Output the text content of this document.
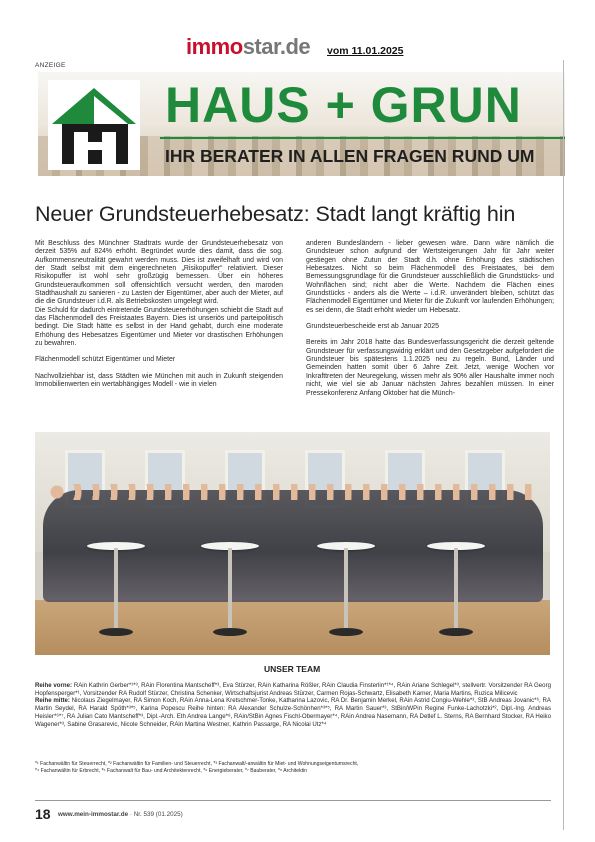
immostar.de vom 11.01.2025
ANZEIGE
HAUS + GRUN
IHR BERATER IN ALLEN FRAGEN RUND UM
Neuer Grundsteuerhebesatz: Stadt langt kräftig hin

Mit Beschluss des Münchner Stadtrats wurde der Grundsteuerhebesatz von derzeit 535% auf 824% erhöht. Begründet wurde dies damit, dass die sog. Aufkommensneutralität gewahrt werden muss. Dies ist zweifelhaft und wird von der Stadt selbst mit dem eingerechneten „Risikopuffer“ relativiert. Dieser Risikopuffer ist wohl sehr großzügig bemessen. Über ein höheres Grundsteueraufkommen soll offensichtlich versucht werden, den maroden Stadthaushalt zu sanieren - zu Lasten der Eigentümer, aber auch der Mieter, auf die die Grundsteuer i.d.R. als Betriebskosten umgelegt wird.
Die Schuld für dadurch eintretende Grundsteuererhöhungen schiebt die Stadt auf das Flächenmodell des Freistaates Bayern. Dies ist unseriös und parteipolitisch bedingt. Die Stadt hätte es selbst in der Hand gehabt, durch eine moderate Erhöhung des Hebesatzes Eigentümer und Mieter vor drastischen Erhöhungen zu bewahren.

Flächenmodell schützt Eigentümer und Mieter

Nachvollziehbar ist, dass Städten wie München mit auch in Zukunft steigenden Immobilienwerten ein wertabhängiges Modell - wie in vielen

anderen Bundesländern - lieber gewesen wäre. Dann wäre nämlich die Grundsteuer schon aufgrund der Wertsteigerungen Jahr für Jahr weiter gestiegen ohne Zutun der Stadt d.h. ohne Erhöhung des städtischen Hebesatzes. Nicht so beim Flächenmodell des Freistaates, bei dem Bemessungsgrundlage für die Grundsteuer ausschließlich die Grundstücks- und Wohnflächen sind; nicht aber die Werte. Nachdem die Flächen eines Grundstücks - anders als die Werte – i.d.R. unverändert bleiben, schützt das Flächenmodell Eigentümer und Mieter für die Zukunft vor laufenden Erhöhungen; es sei denn, die Stadt erhöht wieder um Hebesatz.

Grundsteuerbescheide erst ab Januar 2025

Bereits im Jahr 2018 hatte das Bundesverfassungsgericht die derzeit geltende Grundsteuer für verfassungswidrig erklärt und den Gesetzgeber aufgefordert die Grundsteuer bis spätestens 1.1.2025 neu zu regeln. Bund, Länder und Gemeinden hatten somit über 6 Jahre Zeit. Jetzt, wenige Wochen vor Inkrafttreten der Neuregelung, wissen mehr als 90% aller Haushalte immer noch nicht, wie viel sie ab Januar nächsten Jahres bezahlen müssen. In einer Pressekonferenz Anfang Oktober hat die Münch-

UNSER TEAM

Reihe vorne: RAin Kathrin Gerber*¹*³, RAin Florentina Mantscheff*³, Eva Stürzer, RAin Katharina Rößler, RAin Claudia Finsterlin*¹*⁴, RAin Ariane Schlegel*³, stellvertr. Vorsitzender RA Georg Hopfensperger*¹, Vorsitzender RA Rudolf Stürzer, Christina Schenker, Wirtschaftsjurist Andreas Stürzer, Carmen Rojas-Schwartz, Elisabeth Karner, Maria Martins, Ruzica Milicevic

Reihe mitte: Nicolaus Ziegelmayer, RA Simon Koch, RAin Anna-Lena Kretschmer-Tonke, Katharina Lazovic, RA Dr. Benjamin Merkel, RAin Astrid Congiu-Wehle*³, StB Andreas Jovanic*⁶, RA Martin Seydel, RA Harald Spöth*³*⁵, Karina Popescu Reihe hinten: RA Alexander Schulze-Schönhen*³*⁵, RA Martin Sauer*³, StBin/WPin Regine Funke-Lachotzki*², Dipl.-Ing. Andreas Heisler*⁶*⁷, RA Julian Cato Mantscheff*³, Dipl.-Arch. Eth Andrea Lange*⁸, RAin/StBin Agnes Fischl-Obermayer*⁴, RAin Andrea Nasemann, RA Detlef L. Sterns, RA Bernhard Stocker, RA Heiko Wagener*³, Sabine Grasarevic, Nicole Schneider, RAin Martina Westner, Kathrin Passarge, RA Nicolai Utz*⁴

*¹ Fachanwältin für Steuerrecht, *² Fachanwältin für Familien- und Steuerrecht, *³ Fachanwalt/-anwältin für Miet- und Wohnungseigentumsrecht,

*⁴ Fachanwältin für Erbrecht, *⁵ Fachanwalt für Bau- und Architektenrecht, *⁶ Energieberater, *⁷ Bauberater, *⁸ Architektin

18 www.mein-immostar.de · Nr. 539 (01.2025)
